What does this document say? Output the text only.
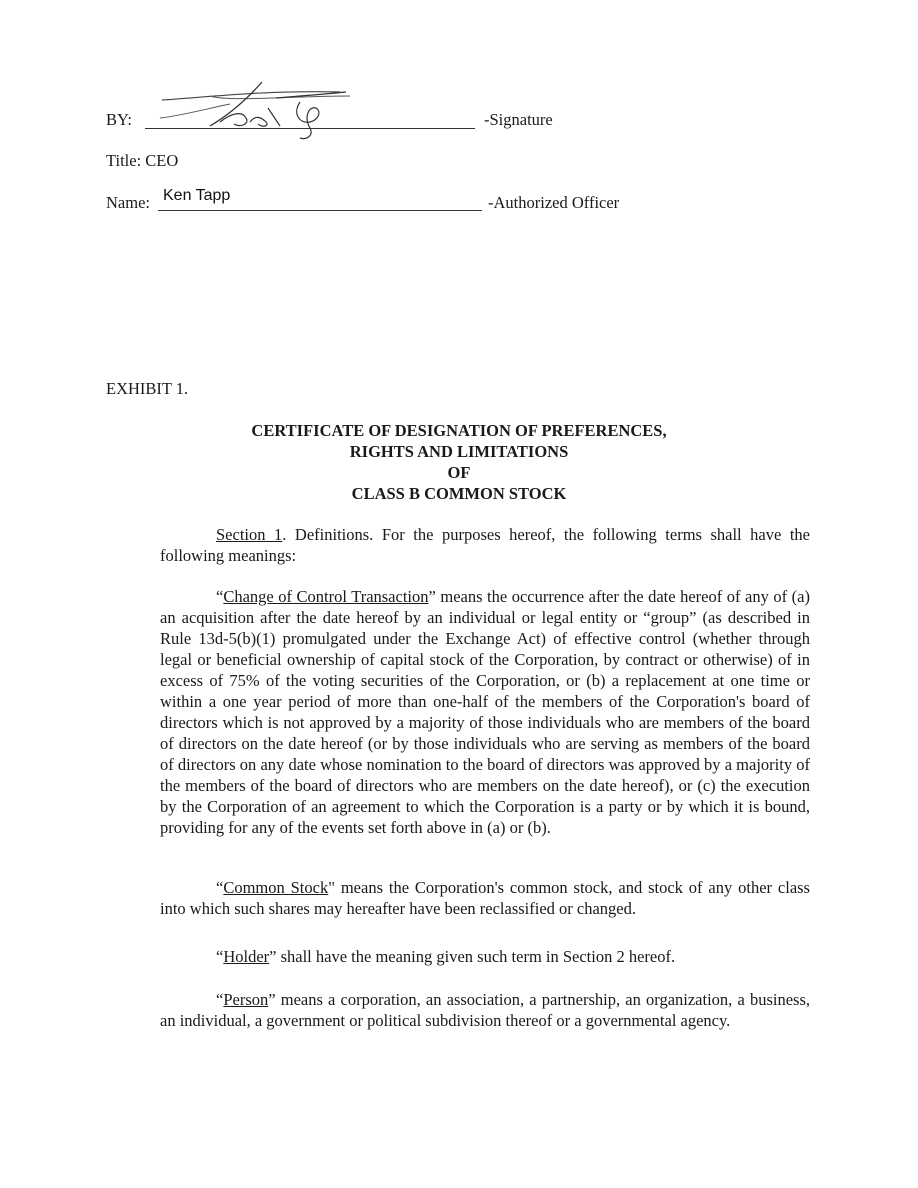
BY:	-Signature
Title: CEO
Name: Ken Tapp	-Authorized Officer
EXHIBIT 1.
CERTIFICATE OF DESIGNATION OF PREFERENCES,
RIGHTS AND LIMITATIONS
OF
CLASS B COMMON STOCK
Section 1. Definitions. For the purposes hereof, the following terms shall have the following meanings:
“Change of Control Transaction” means the occurrence after the date hereof of any of (a) an acquisition after the date hereof by an individual or legal entity or “group” (as described in Rule 13d-5(b)(1) promulgated under the Exchange Act) of effective control (whether through legal or beneficial ownership of capital stock of the Corporation, by contract or otherwise) of in excess of 75% of the voting securities of the Corporation, or (b) a replacement at one time or within a one year period of more than one-half of the members of the Corporation's board of directors which is not approved by a majority of those individuals who are members of the board of directors on the date hereof (or by those individuals who are serving as members of the board of directors on any date whose nomination to the board of directors was approved by a majority of the members of the board of directors who are members on the date hereof), or (c) the execution by the Corporation of an agreement to which the Corporation is a party or by which it is bound, providing for any of the events set forth above in (a) or (b).
“Common Stock" means the Corporation's common stock, and stock of any other class into which such shares may hereafter have been reclassified or changed.
“Holder” shall have the meaning given such term in Section 2 hereof.
“Person” means a corporation, an association, a partnership, an organization, a business, an individual, a government or political subdivision thereof or a governmental agency.
